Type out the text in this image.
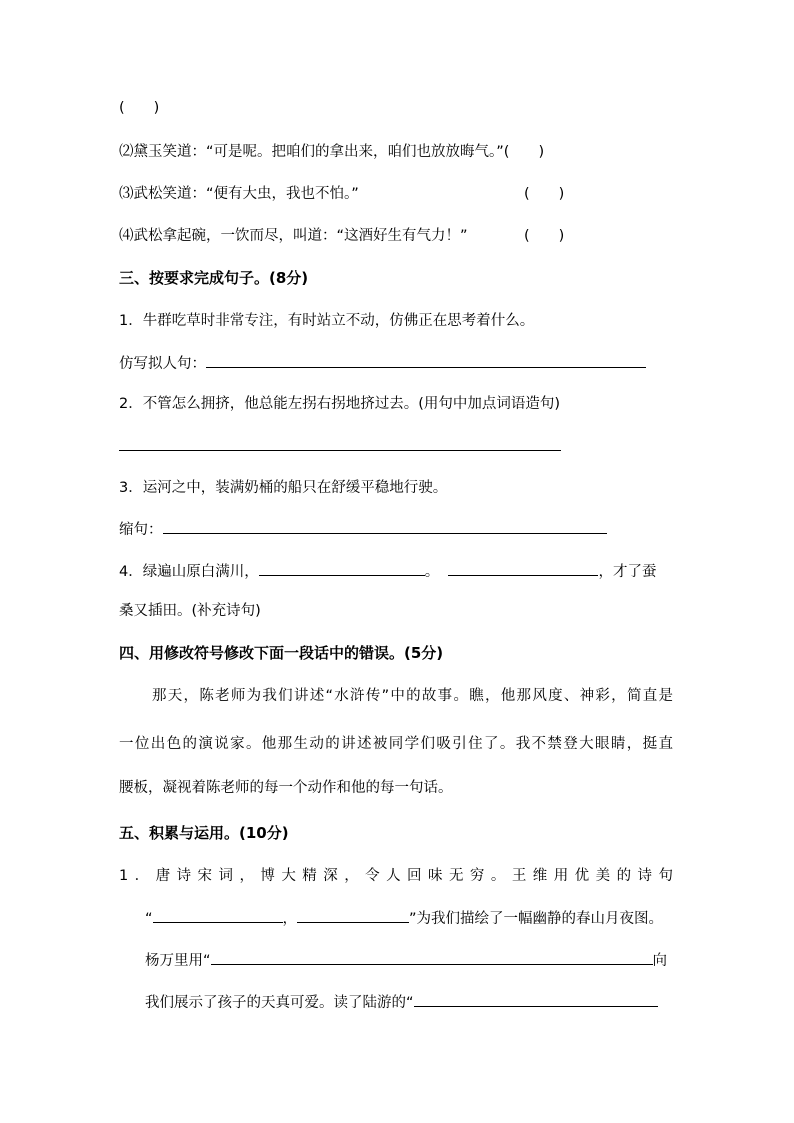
(　　)
⑵黛玉笑道：“可是呢。把咱们的拿出来，咱们也放放晦气。”(　　)
⑶武松笑道：“便有大虫，我也不怕。”	(　　)
⑷武松拿起碗，一饮而尽，叫道：“这酒好生有气力！”	(　　)
三、按要求完成句子。(8分)
1．牛群吃草时非常专注，有时站立不动，仿佛正在思考着什么。
仿写拟人句：
2．不管怎么拥挤，他总能左拐右拐地挤过去。(用句中加点词语造句)
3．运河之中，装满奶桶的船只在舒缓平稳地行驶。
缩句：
4．绿遍山原白满川，	。	，才了蚕
桑又插田。(补充诗句)
四、用修改符号修改下面一段话中的错误。(5分)
那天，陈老师为我们讲述“水浒传”中的故事。瞧，他那风度、神彩，简直是
一位出色的演说家。他那生动的讲述被同学们吸引住了。我不禁登大眼睛，挺直
腰板，凝视着陈老师的每一个动作和他的每一句话。
五、积累与运用。(10分)
1．唐诗宋词，博大精深，令人回味无穷。王维用优美的诗句
“	，	”为我们描绘了一幅幽静的春山月夜图。
杨万里用“	向
我们展示了孩子的天真可爱。读了陆游的“
